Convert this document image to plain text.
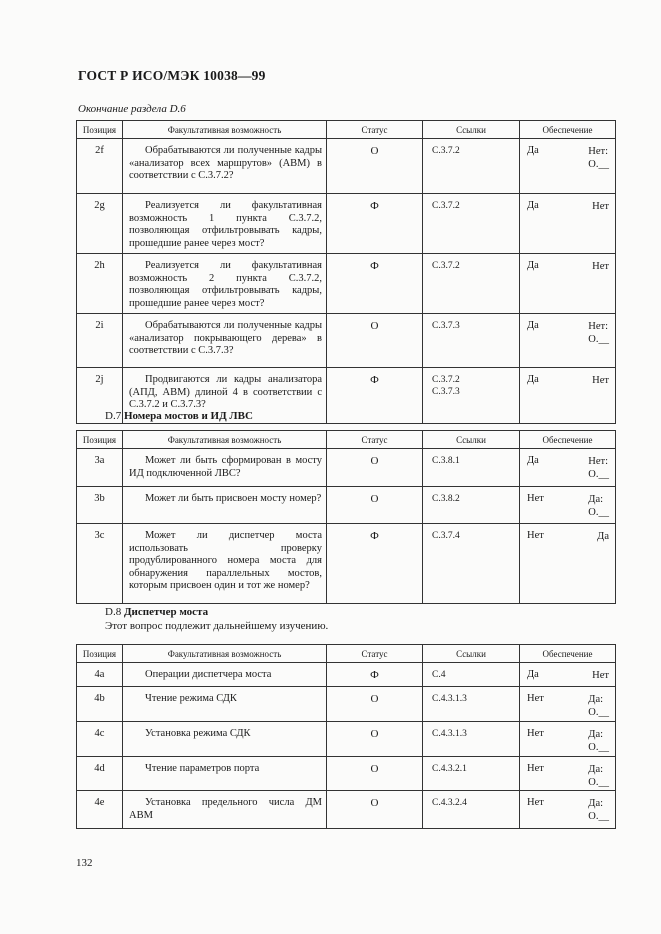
ГОСТ Р ИСО/МЭК 10038—99
Окончание раздела D.6
Позиция	Факультативная возможность	Статус	Ссылки	Обеспечение
2f	Обрабатываются ли полученные кадры «анализатор всех маршрутов» (ABM) в соответствии с С.3.7.2?	О	C.3.7.2	Да Нет:
О.__

2g	Реализуется ли факультативная возможность 1 пункта С.3.7.2, позволяющая отфильтровывать кадры, прошедшие ранее через мост?	Ф	C.3.7.2	Да Нет

2h	Реализуется ли факультативная возможность 2 пункта С.3.7.2, позволяющая отфильтровывать кадры, прошедшие ранее через мост?	Ф	C.3.7.2	Да Нет

2i	Обрабатываются ли полученные кадры «анализатор покрывающего дерева» в соответствии с С.3.7.3?	О	C.3.7.3	Да Нет:
О.__

2j	Продвигаются ли кадры анализатора (АПД, ABM) длиной 4 в соответствии с С.3.7.2 и С.3.7.3?	Ф	C.3.7.2
C.3.7.3	Да Нет
D.7 Номера мостов и ИД ЛВС
Позиция	Факультативная возможность	Статус	Ссылки	Обеспечение
3a	Может ли быть сформирован в мосту ИД подключенной ЛВС?	О	C.3.8.1	Да Нет:
О.__

3b	Может ли быть присвоен мосту номер?	О	C.3.8.2	Нет Да:
О.__

3c	Может ли диспетчер моста использовать проверку продублированного номера моста для обнаружения параллельных мостов, которым присвоен один и тот же номер?	Ф	C.3.7.4	Нет Да
D.8 Диспетчер моста
Этот вопрос подлежит дальнейшему изучению.
Позиция	Факультативная возможность	Статус	Ссылки	Обеспечение
4a	Операции диспетчера моста	Ф	C.4	Да Нет

4b	Чтение режима СДК	О	C.4.3.1.3	Нет Да:
О.__

4c	Установка режима СДК	О	C.4.3.1.3	Нет Да:
О.__

4d	Чтение параметров порта	О	C.4.3.2.1	Нет Да:
О.__

4e	Установка предельного числа ДМ ABM	О	C.4.3.2.4	Нет Да:
О.__
132
